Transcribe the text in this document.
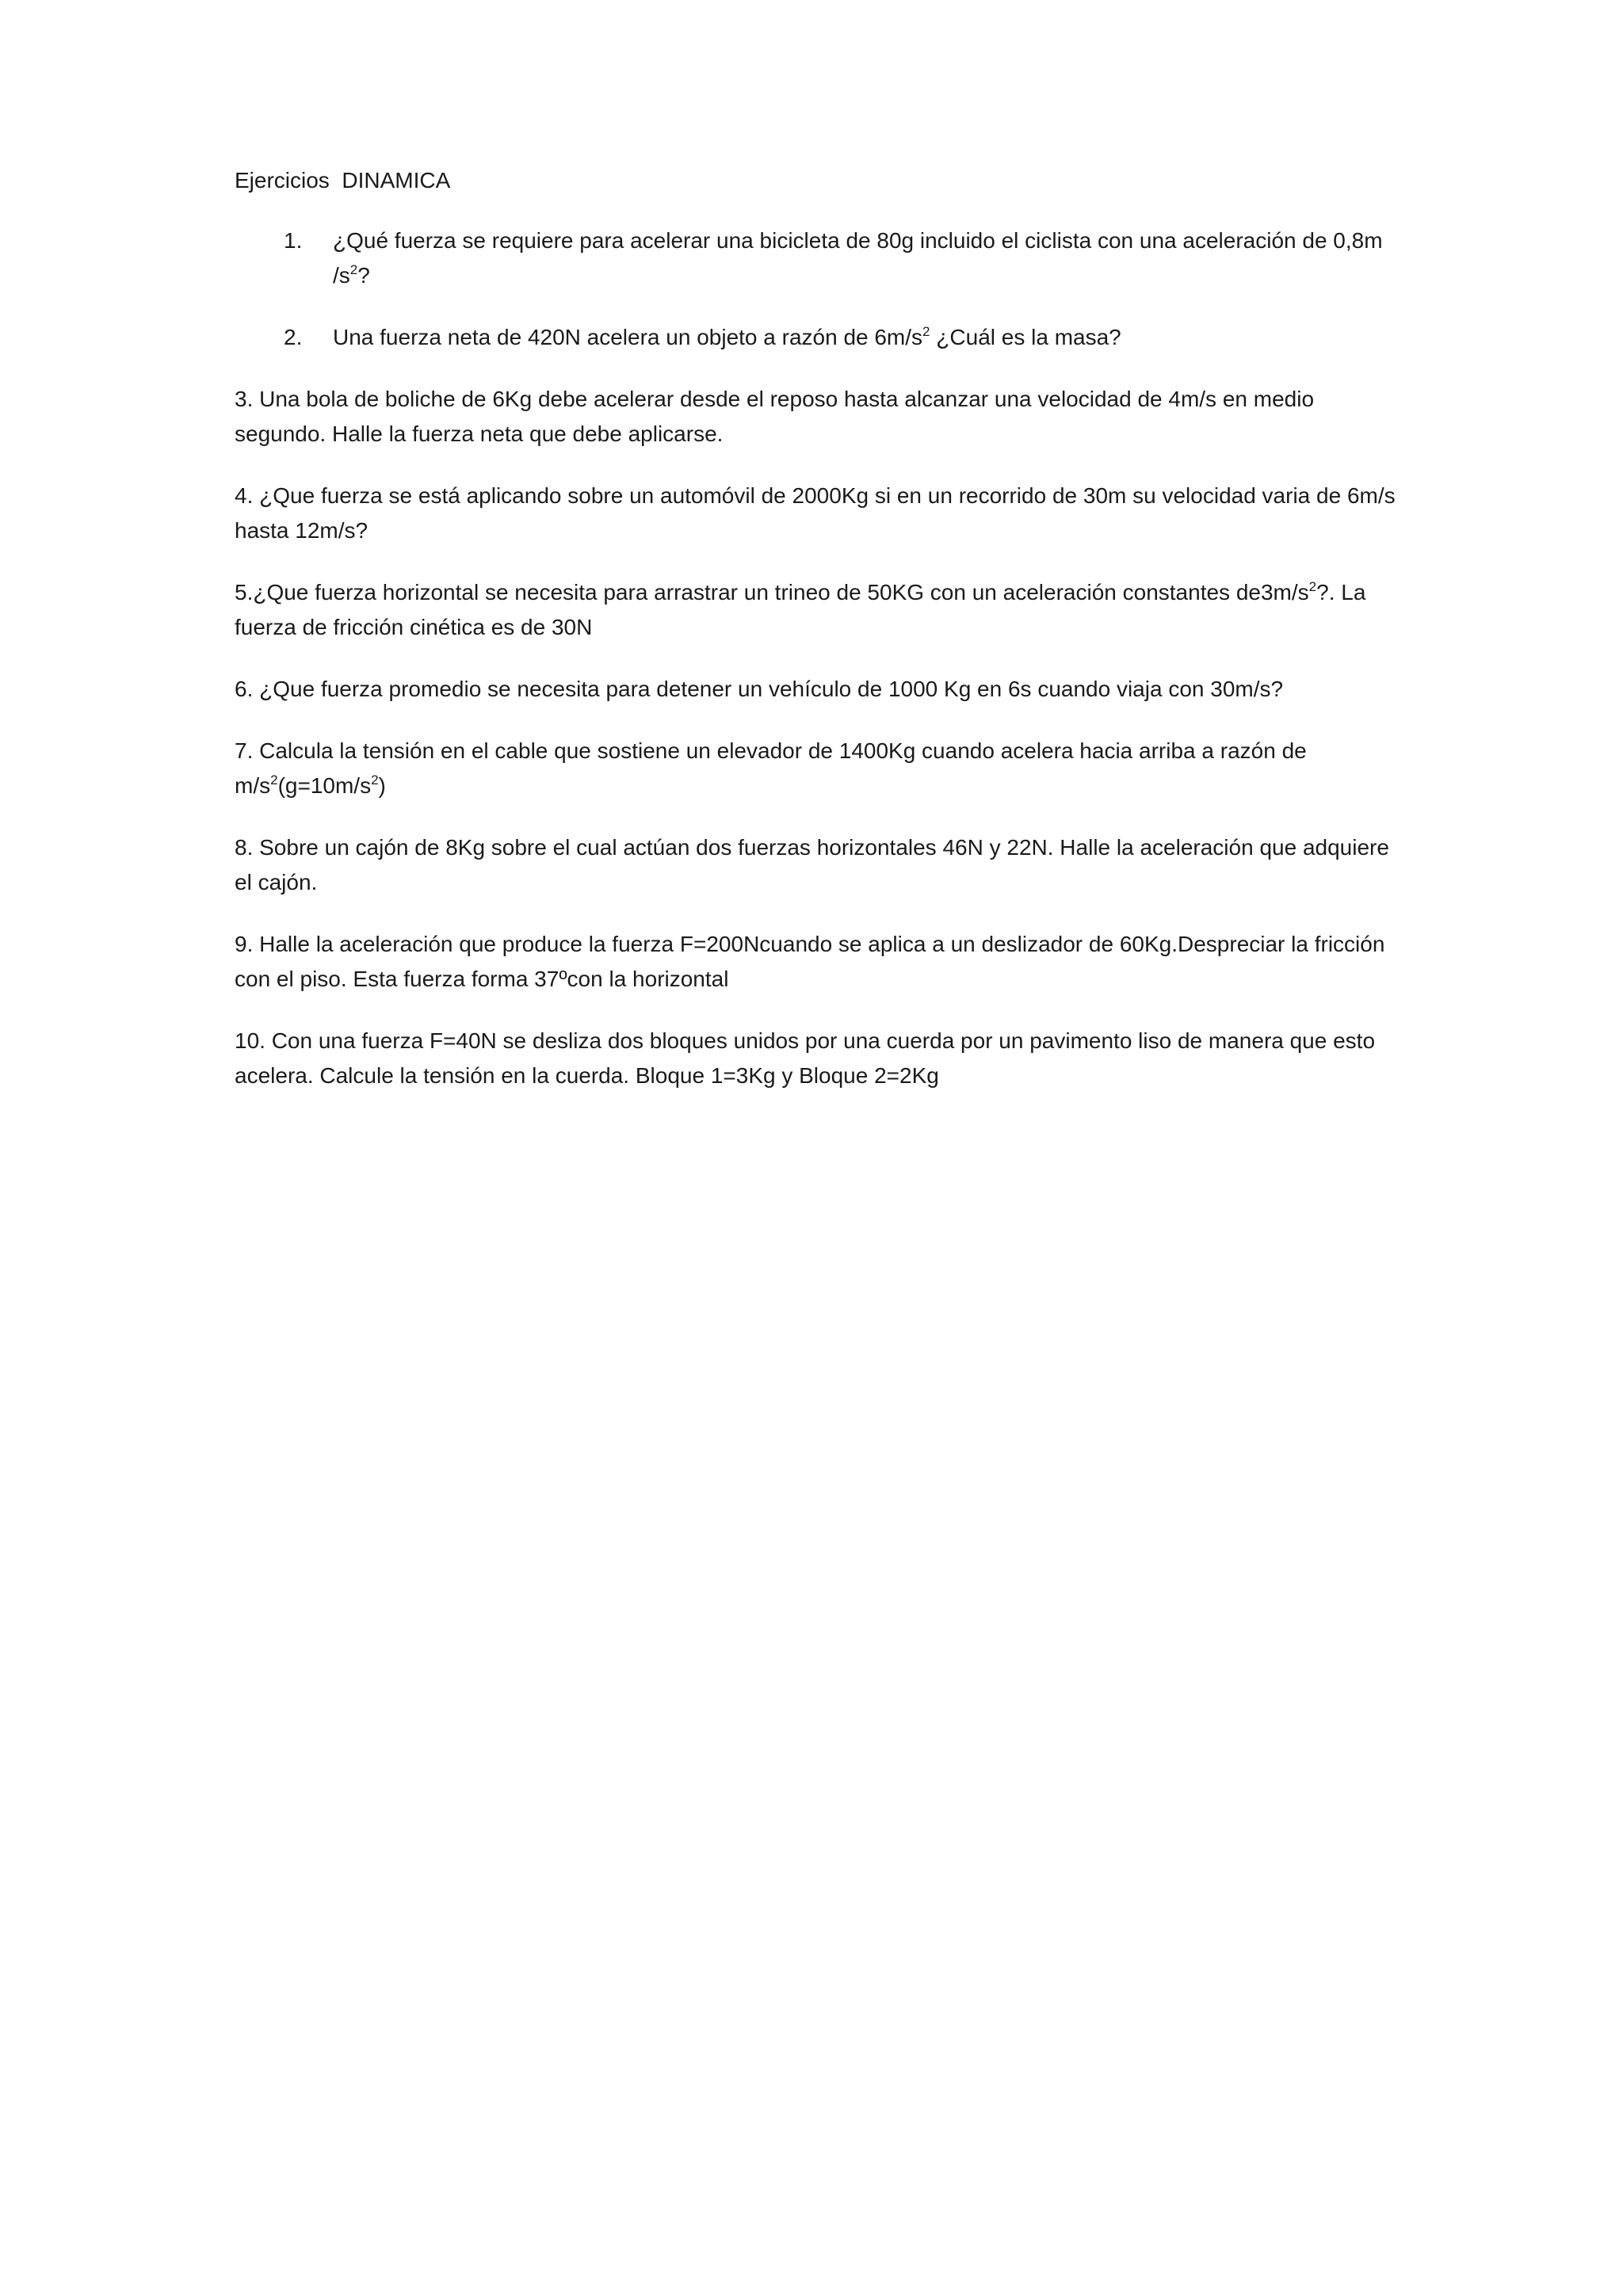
Ejercicios  DINAMICA
1. ¿Qué fuerza se requiere para acelerar una bicicleta de 80g incluido el ciclista con una aceleración de 0,8m $/s^2$?
2. Una fuerza neta de 420N acelera un objeto a razón de $6m/s^2$ ¿Cuál es la masa?

3. Una bola de boliche de 6Kg debe acelerar desde el reposo hasta alcanzar una velocidad de 4m/s en medio segundo. Halle la fuerza neta que debe aplicarse.

4. ¿Que fuerza se está aplicando sobre un automóvil de 2000Kg si en un recorrido de 30m su velocidad varia de 6m/s hasta 12m/s?

5.¿Que fuerza horizontal se necesita para arrastrar un trineo de 50KG con un aceleración constantes $de3m/s^2$?. La fuerza de fricción cinética es de 30N

6. ¿Que fuerza promedio se necesita para detener un vehículo de 1000 Kg en 6s cuando viaja con 30m/s?

7. Calcula la tensión en el cable que sostiene un elevador de 1400Kg cuando acelera hacia arriba a razón de $m/s^2(g=10m/s^2)$

8. Sobre un cajón de 8Kg sobre el cual actúan dos fuerzas horizontales 46N y 22N. Halle la aceleración que adquiere el cajón.

9. Halle la aceleración que produce la fuerza F=200Ncuando se aplica a un deslizador de 60Kg.Despreciar la fricción con el piso. Esta fuerza forma 37ºcon la horizontal

10. Con una fuerza F=40N se desliza dos bloques unidos por una cuerda por un pavimento liso de manera que esto acelera. Calcule la tensión en la cuerda. Bloque 1=3Kg y Bloque 2=2Kg
